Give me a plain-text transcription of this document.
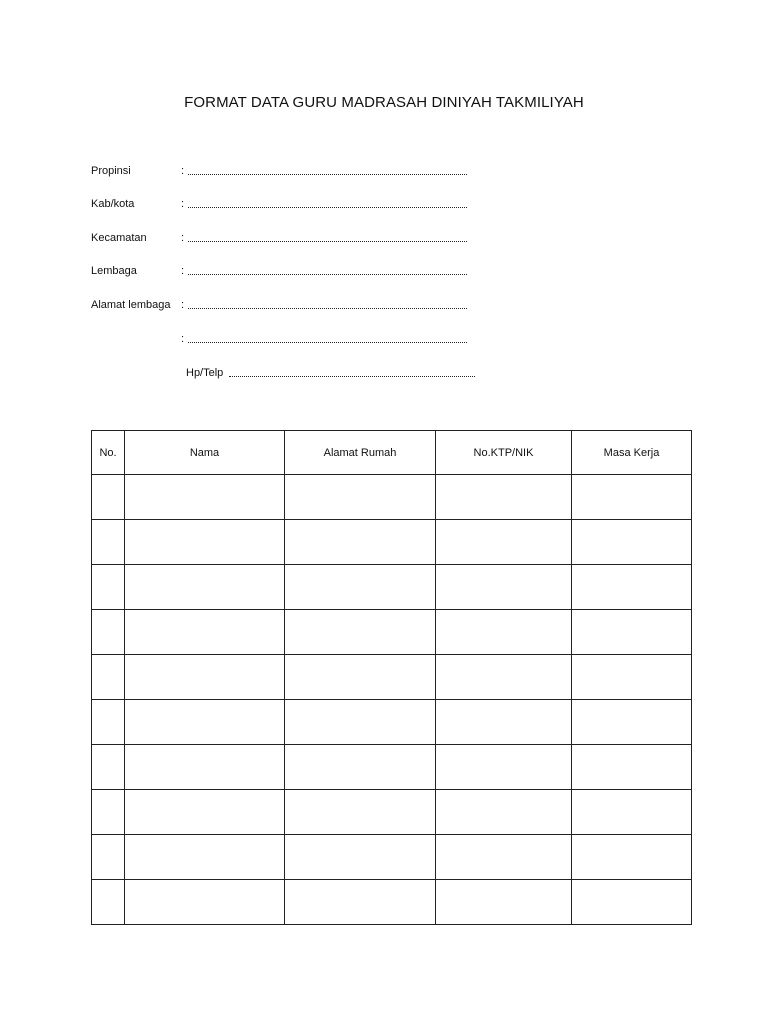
FORMAT DATA GURU MADRASAH DINIYAH TAKMILIYAH
Propinsi	:
Kab/kota	:
Kecamatan	:
Lembaga	:
Alamat lembaga :
:
Hp/Telp
No.	Nama	Alamat Rumah	No.KTP/NIK	Masa Kerja
